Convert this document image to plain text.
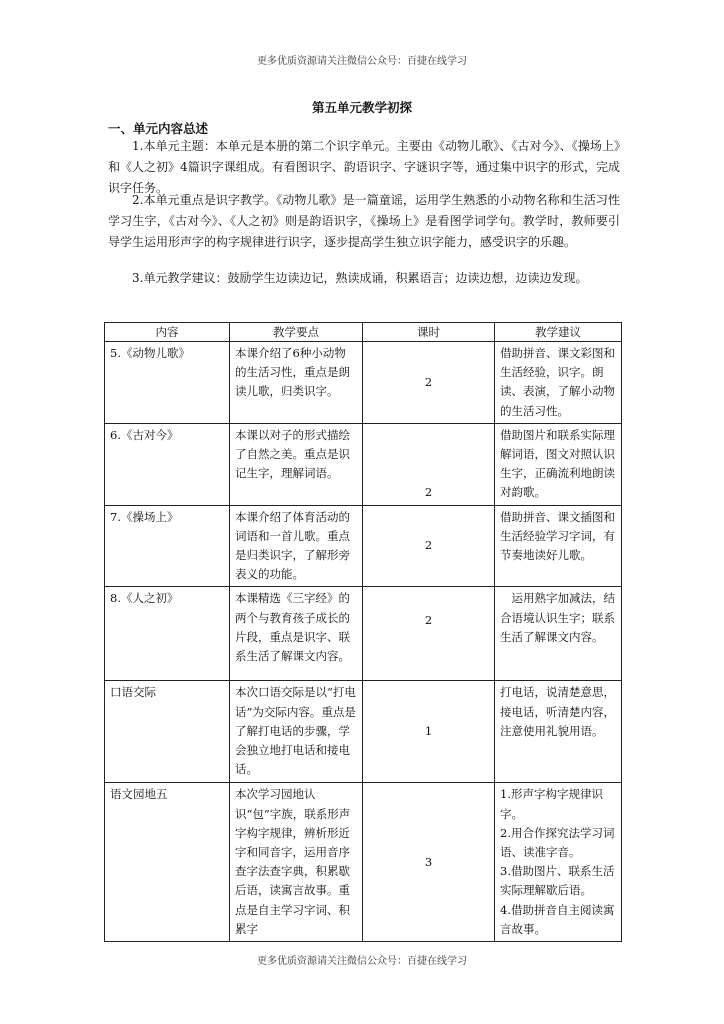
更多优质资源请关注微信公众号：百捷在线学习
第五单元教学初探
一、单元内容总述
1.本单元主题：本单元是本册的第二个识字单元。主要由《动物儿歌》、《古对今》、《操场上》和《人之初》4篇识字课组成。有看图识字、韵语识字、字谜识字等，通过集中识字的形式，完成识字任务。
2.本单元重点是识字教学。《动物儿歌》是一篇童谣，运用学生熟悉的小动物名称和生活习性学习生字，《古对今》、《人之初》则是韵语识字，《操场上》是看图学词学句。教学时，教师要引导学生运用形声字的构字规律进行识字，逐步提高学生独立识字能力，感受识字的乐趣。
3.单元教学建议：鼓励学生边读边记，熟读成诵，积累语言；边读边想，边读边发现。
内容	教学要点	课时	教学建议
5.《动物儿歌》	本课介绍了6种小动物的生活习性，重点是朗读儿歌，归类识字。	2	借助拼音、课文彩图和生活经验，识字。朗读、表演，了解小动物的生活习性。
6.《古对今》	本课以对子的形式描绘了自然之美。重点是识记生字，理解词语。	2	借助图片和联系实际理解词语，图文对照认识生字，正确流利地朗读对韵歌。
7.《操场上》	本课介绍了体育活动的词语和一首儿歌。重点是归类识字，了解形旁表义的功能。	2	借助拼音、课文插图和生活经验学习字词，有节奏地读好儿歌。
8.《人之初》	本课精选《三字经》的两个与教育孩子成长的片段，重点是识字、联系生活了解课文内容。	2	运用熟字加减法，结合语境认识生字；联系生活了解课文内容。
口语交际	本次口语交际是以“打电话”为交际内容。重点是了解打电话的步骤，学会独立地打电话和接电话。	1	打电话，说清楚意思，接电话，听清楚内容，注意使用礼貌用语。
语文园地五	本次学习园地认识“包”字族，联系形声字构字规律，辨析形近字和同音字，运用音序查字法查字典，积累歇后语，读寓言故事。重点是自主学习字词、积累字	3	1.形声字构字规律识字。
2.用合作探究法学习词语、读准字音。
3.借助图片、联系生活实际理解歇后语。
4.借助拼音自主阅读寓言故事。
更多优质资源请关注微信公众号：百捷在线学习
